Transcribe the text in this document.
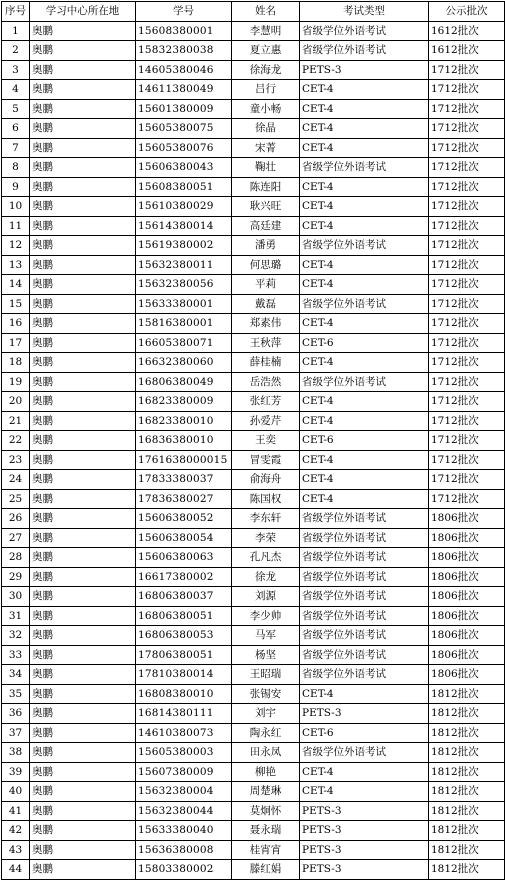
序号	学习中心所在地	学号	姓名	考试类型	公示批次
1	奥鹏	15608380001	李慧明	省级学位外语考试	1612批次
2	奥鹏	15832380038	夏立惠	省级学位外语考试	1612批次
3	奥鹏	14605380046	徐海龙	PETS-3	1712批次
4	奥鹏	14611380049	吕行	CET-4	1712批次
5	奥鹏	15601380009	童小畅	CET-4	1712批次
6	奥鹏	15605380075	徐晶	CET-4	1712批次
7	奥鹏	15605380076	宋菁	CET-4	1712批次
8	奥鹏	15606380043	鞠壮	省级学位外语考试	1712批次
9	奥鹏	15608380051	陈连阳	CET-4	1712批次
10	奥鹏	15610380029	耿兴旺	CET-4	1712批次
11	奥鹏	15614380014	高廷建	CET-4	1712批次
12	奥鹏	15619380002	潘勇	省级学位外语考试	1712批次
13	奥鹏	15632380011	何思璐	CET-4	1712批次
14	奥鹏	15632380056	平莉	CET-4	1712批次
15	奥鹏	15633380001	戴磊	省级学位外语考试	1712批次
16	奥鹏	15816380001	郑素伟	CET-4	1712批次
17	奥鹏	16605380071	王秋萍	CET-6	1712批次
18	奥鹏	16632380060	薛桂楠	CET-4	1712批次
19	奥鹏	16806380049	岳浩然	省级学位外语考试	1712批次
20	奥鹏	16823380009	张红芳	CET-4	1712批次
21	奥鹏	16823380010	孙爱芹	CET-4	1712批次
22	奥鹏	16836380010	王奕	CET-6	1712批次
23	奥鹏	1761638000015	冒雯霞	CET-4	1712批次
24	奥鹏	17833380037	俞海舟	CET-4	1712批次
25	奥鹏	17836380027	陈国权	CET-4	1712批次
26	奥鹏	15606380052	李东轩	省级学位外语考试	1806批次
27	奥鹏	15606380054	李荣	省级学位外语考试	1806批次
28	奥鹏	15606380063	孔凡杰	省级学位外语考试	1806批次
29	奥鹏	16617380002	徐龙	省级学位外语考试	1806批次
30	奥鹏	16806380037	刘源	省级学位外语考试	1806批次
31	奥鹏	16806380051	李少帅	省级学位外语考试	1806批次
32	奥鹏	16806380053	马军	省级学位外语考试	1806批次
33	奥鹏	17806380051	杨坚	省级学位外语考试	1806批次
34	奥鹏	17810380014	王昭瑞	省级学位外语考试	1806批次
35	奥鹏	16808380010	张锡安	CET-4	1812批次
36	奥鹏	16814380111	刘宇	PETS-3	1812批次
37	奥鹏	14610380073	陶永红	CET-6	1812批次
38	奥鹏	15605380003	田永凤	省级学位外语考试	1812批次
39	奥鹏	15607380009	柳艳	CET-4	1812批次
40	奥鹏	15632380004	周楚琳	CET-4	1812批次
41	奥鹏	15632380044	莫炯怀	PETS-3	1812批次
42	奥鹏	15633380040	聂永瑞	PETS-3	1812批次
43	奥鹏	15636380008	桂宵宵	PETS-3	1812批次
44	奥鹏	15803380002	滕红娟	PETS-3	1812批次
